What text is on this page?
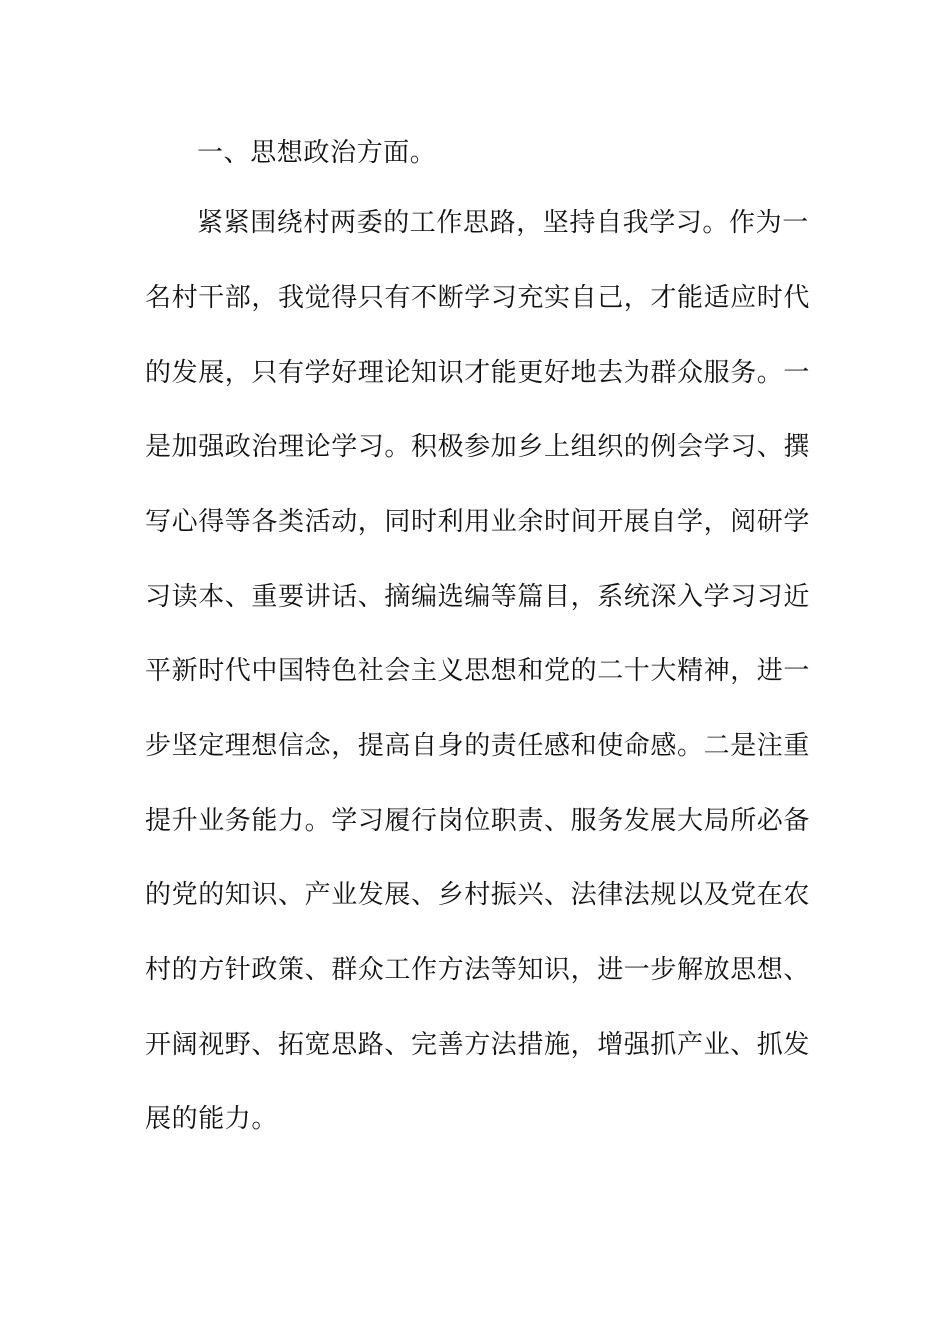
一、思想政治方面。
紧紧围绕村两委的工作思路，坚持自我学习。作为一
名村干部，我觉得只有不断学习充实自己，才能适应时代
的发展，只有学好理论知识才能更好地去为群众服务。一
是加强政治理论学习。积极参加乡上组织的例会学习、撰
写心得等各类活动，同时利用业余时间开展自学，阅研学
习读本、重要讲话、摘编选编等篇目，系统深入学习习近
平新时代中国特色社会主义思想和党的二十大精神，进一
步坚定理想信念，提高自身的责任感和使命感。二是注重
提升业务能力。学习履行岗位职责、服务发展大局所必备
的党的知识、产业发展、乡村振兴、法律法规以及党在农
村的方针政策、群众工作方法等知识，进一步解放思想、
开阔视野、拓宽思路、完善方法措施，增强抓产业、抓发
展的能力。
